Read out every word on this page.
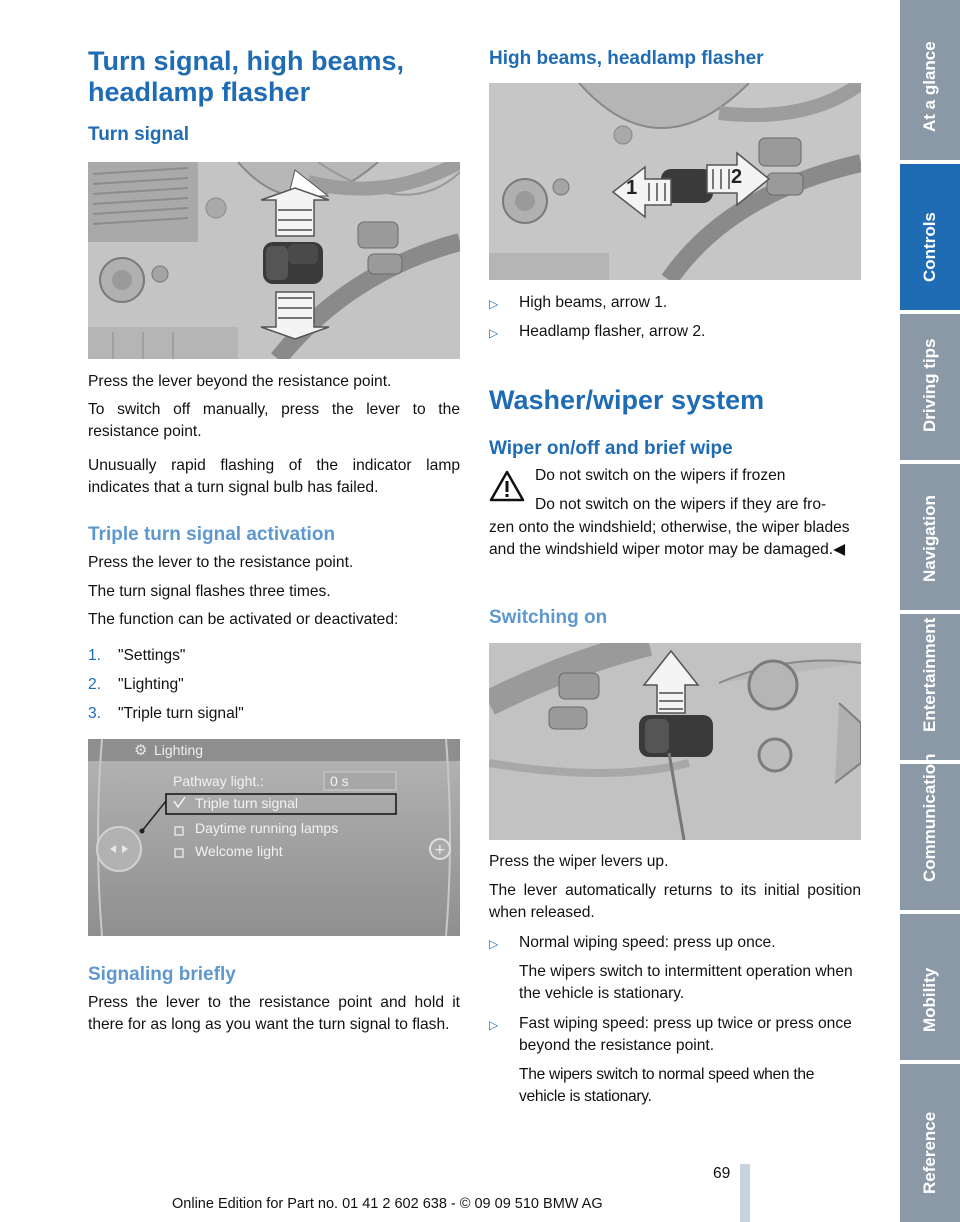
Turn signal, high beams, headlamp flasher
Turn signal
Press the lever beyond the resistance point.
To switch off manually, press the lever to the resistance point.
Unusually rapid flashing of the indicator lamp indicates that a turn signal bulb has failed.
Triple turn signal activation
Press the lever to the resistance point.
The turn signal flashes three times.
The function can be activated or deactivated:
1. "Settings"
2. "Lighting"
3. "Triple turn signal"
+
⚙ Lighting
Pathway light.:	0 s
Triple turn signal
Daytime running lamps
Welcome light
Signaling briefly
Press the lever to the resistance point and hold it there for as long as you want the turn signal to flash.
High beams, headlamp flasher
1	2
▷ High beams, arrow 1.
▷ Headlamp flasher, arrow 2.
Washer/wiper system
Wiper on/off and brief wipe
Do not switch on the wipers if frozen
Do not switch on the wipers if they are fro-
zen onto the windshield; otherwise, the wiper blades and the windshield wiper motor may be damaged.◀
Switching on
Press the wiper levers up.
The lever automatically returns to its initial position when released.
▷ Normal wiping speed: press up once.
The wipers switch to intermittent operation when the vehicle is stationary.
▷ Fast wiping speed: press up twice or press once beyond the resistance point.
The wipers switch to normal speed when the vehicle is stationary.
At a glance
Controls
Driving tips
Navigation
Entertainment
Communication
Mobility
Reference
69
Online Edition for Part no. 01 41 2 602 638 - © 09 09 510 BMW AG
